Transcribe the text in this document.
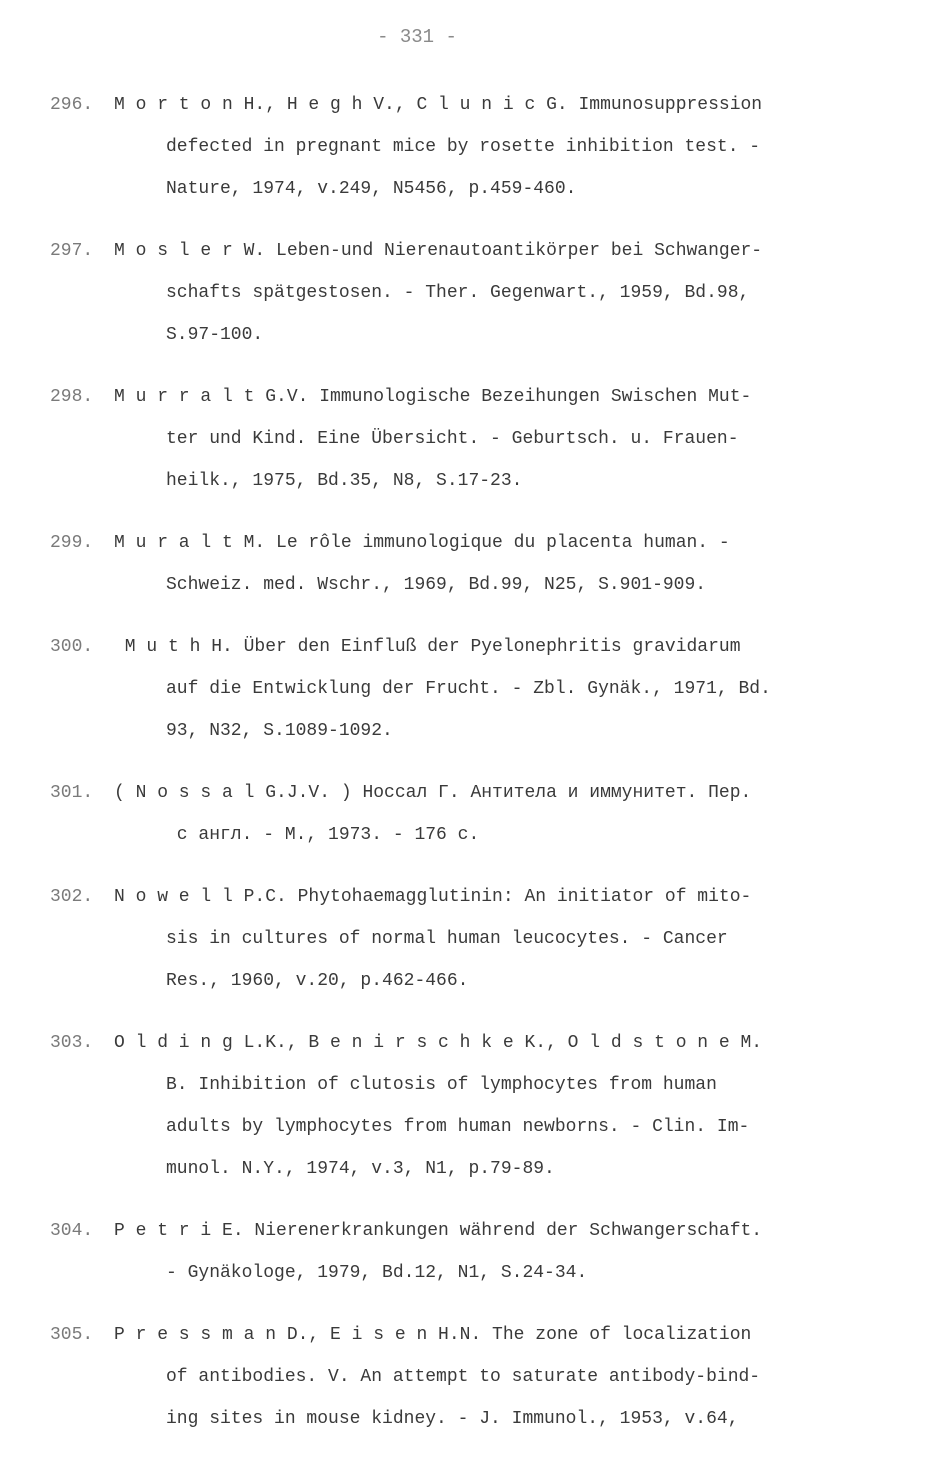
- 331 -
296.	M o r t o n H., H e g h V., C l u n i c G. Immunosuppression
defected in pregnant mice by rosette inhibition test. -
Nature, 1974, v.249, N5456, p.459-460.
297.	M o s l e r W. Leben-und Nierenautoantikörper bei Schwanger-
schafts spätgestosen. - Ther. Gegenwart., 1959, Bd.98,
S.97-100.
298.	M u r r a l t G.V. Immunologische Bezeihungen Swischen Mut-
ter und Kind. Eine Übersicht. - Geburtsch. u. Frauen-
heilk., 1975, Bd.35, N8, S.17-23.
299.	M u r a l t M. Le rôle immunologique du placenta human. -
Schweiz. med. Wschr., 1969, Bd.99, N25, S.901-909.
300.	M u t h H. Über den Einfluß der Pyelonephritis gravidarum
auf die Entwicklung der Frucht. - Zbl. Gynäk., 1971, Bd.
93, N32, S.1089-1092.
301.	( N o s s a l G.J.V. ) Носсал Г. Антитела и иммунитет. Пер.
с англ. - М., 1973. - 176 с.
302.	N o w e l l P.C. Phytohaemagglutinin: An initiator of mito-
sis in cultures of normal human leucocytes. - Cancer
Res., 1960, v.20, p.462-466.
303.	O l d i n g L.K., B e n i r s c h k e K., O l d s t o n e M.
B. Inhibition of clutosis of lymphocytes from human
adults by lymphocytes from human newborns. - Clin. Im-
munol. N.Y., 1974, v.3, N1, p.79-89.
304.	P e t r i E. Nierenerkrankungen während der Schwangerschaft.
- Gynäkologe, 1979, Bd.12, N1, S.24-34.
305.	P r e s s m a n D., E i s e n H.N. The zone of localization
of antibodies. V. An attempt to saturate antibody-bind-
ing sites in mouse kidney. - J. Immunol., 1953, v.64,
